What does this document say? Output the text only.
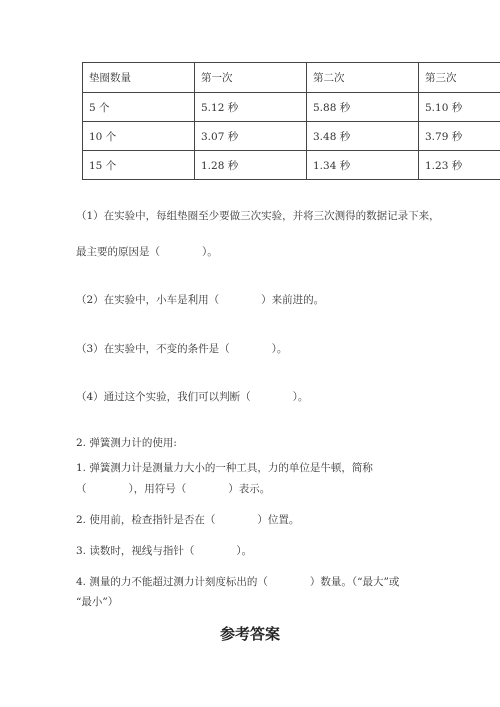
垫圈数量	第一次	第二次	第三次
5 个	5.12 秒	5.88 秒	5.10 秒
10 个	3.07 秒	3.48 秒	3.79 秒
15 个	1.28 秒	1.34 秒	1.23 秒
（1）在实验中，每组垫圈至少要做三次实验，并将三次测得的数据记录下来，
最主要的原因是（　　　　）。
（2）在实验中，小车是利用（　　　　）来前进的。
（3）在实验中，不变的条件是（　　　　）。
（4）通过这个实验，我们可以判断（　　　　）。
2. 弹簧测力计的使用:
1. 弹簧测力计是测量力大小的一种工具，力的单位是牛顿，简称
（　　　　），用符号（　　　　）表示。
2. 使用前，检查指针是否在（　　　　）位置。
3. 读数时，视线与指针（　　　　）。
4. 测量的力不能超过测力计刻度标出的（　　　　）数量。（“最大”或
“最小”）
参考答案
